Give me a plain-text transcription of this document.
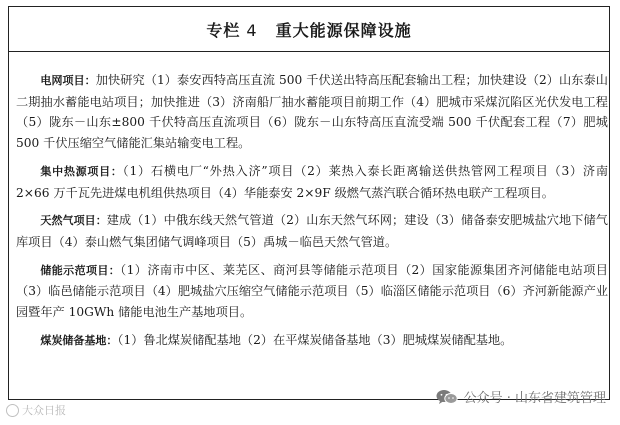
专栏 4 重大能源保障设施

电网项目：加快研究（1）泰安西特高压直流 500 千伏送出特高压配套输出工程；加快建设（2）山东泰山二期抽水蓄能电站项目；加快推进（3）济南船厂抽水蓄能项目前期工作（4）肥城市采煤沉陷区光伏发电工程（5）陇东－山东±800 千伏特高压直流项目（6）陇东－山东特高压直流受端 500 千伏配套工程（7）肥城 500 千伏压缩空气储能汇集站输变电工程。

集中热源项目：（1）石横电厂“外热入济”项目（2）莱热入泰长距离输送供热管网工程项目（3）济南 2×66 万千瓦先进煤电机组供热项目（4）华能泰安 2×9F 级燃气蒸汽联合循环热电联产工程项目。

天然气项目：建成（1）中俄东线天然气管道（2）山东天然气环网；建设（3）储备泰安肥城盐穴地下储气库项目（4）泰山燃气集团储气调峰项目（5）禹城－临邑天然气管道。

储能示范项目：（1）济南市中区、莱芜区、商河县等储能示范项目（2）国家能源集团齐河储能电站项目（3）临邑储能示范项目（4）肥城盐穴压缩空气储能示范项目（5）临淄区储能示范项目（6）齐河新能源产业园暨年产 10GWh 储能电池生产基地项目。

煤炭储备基地：（1）鲁北煤炭储配基地（2）在平煤炭储备基地（3）肥城煤炭储配基地。

大众日报
公众号 · 山东省建筑管理
